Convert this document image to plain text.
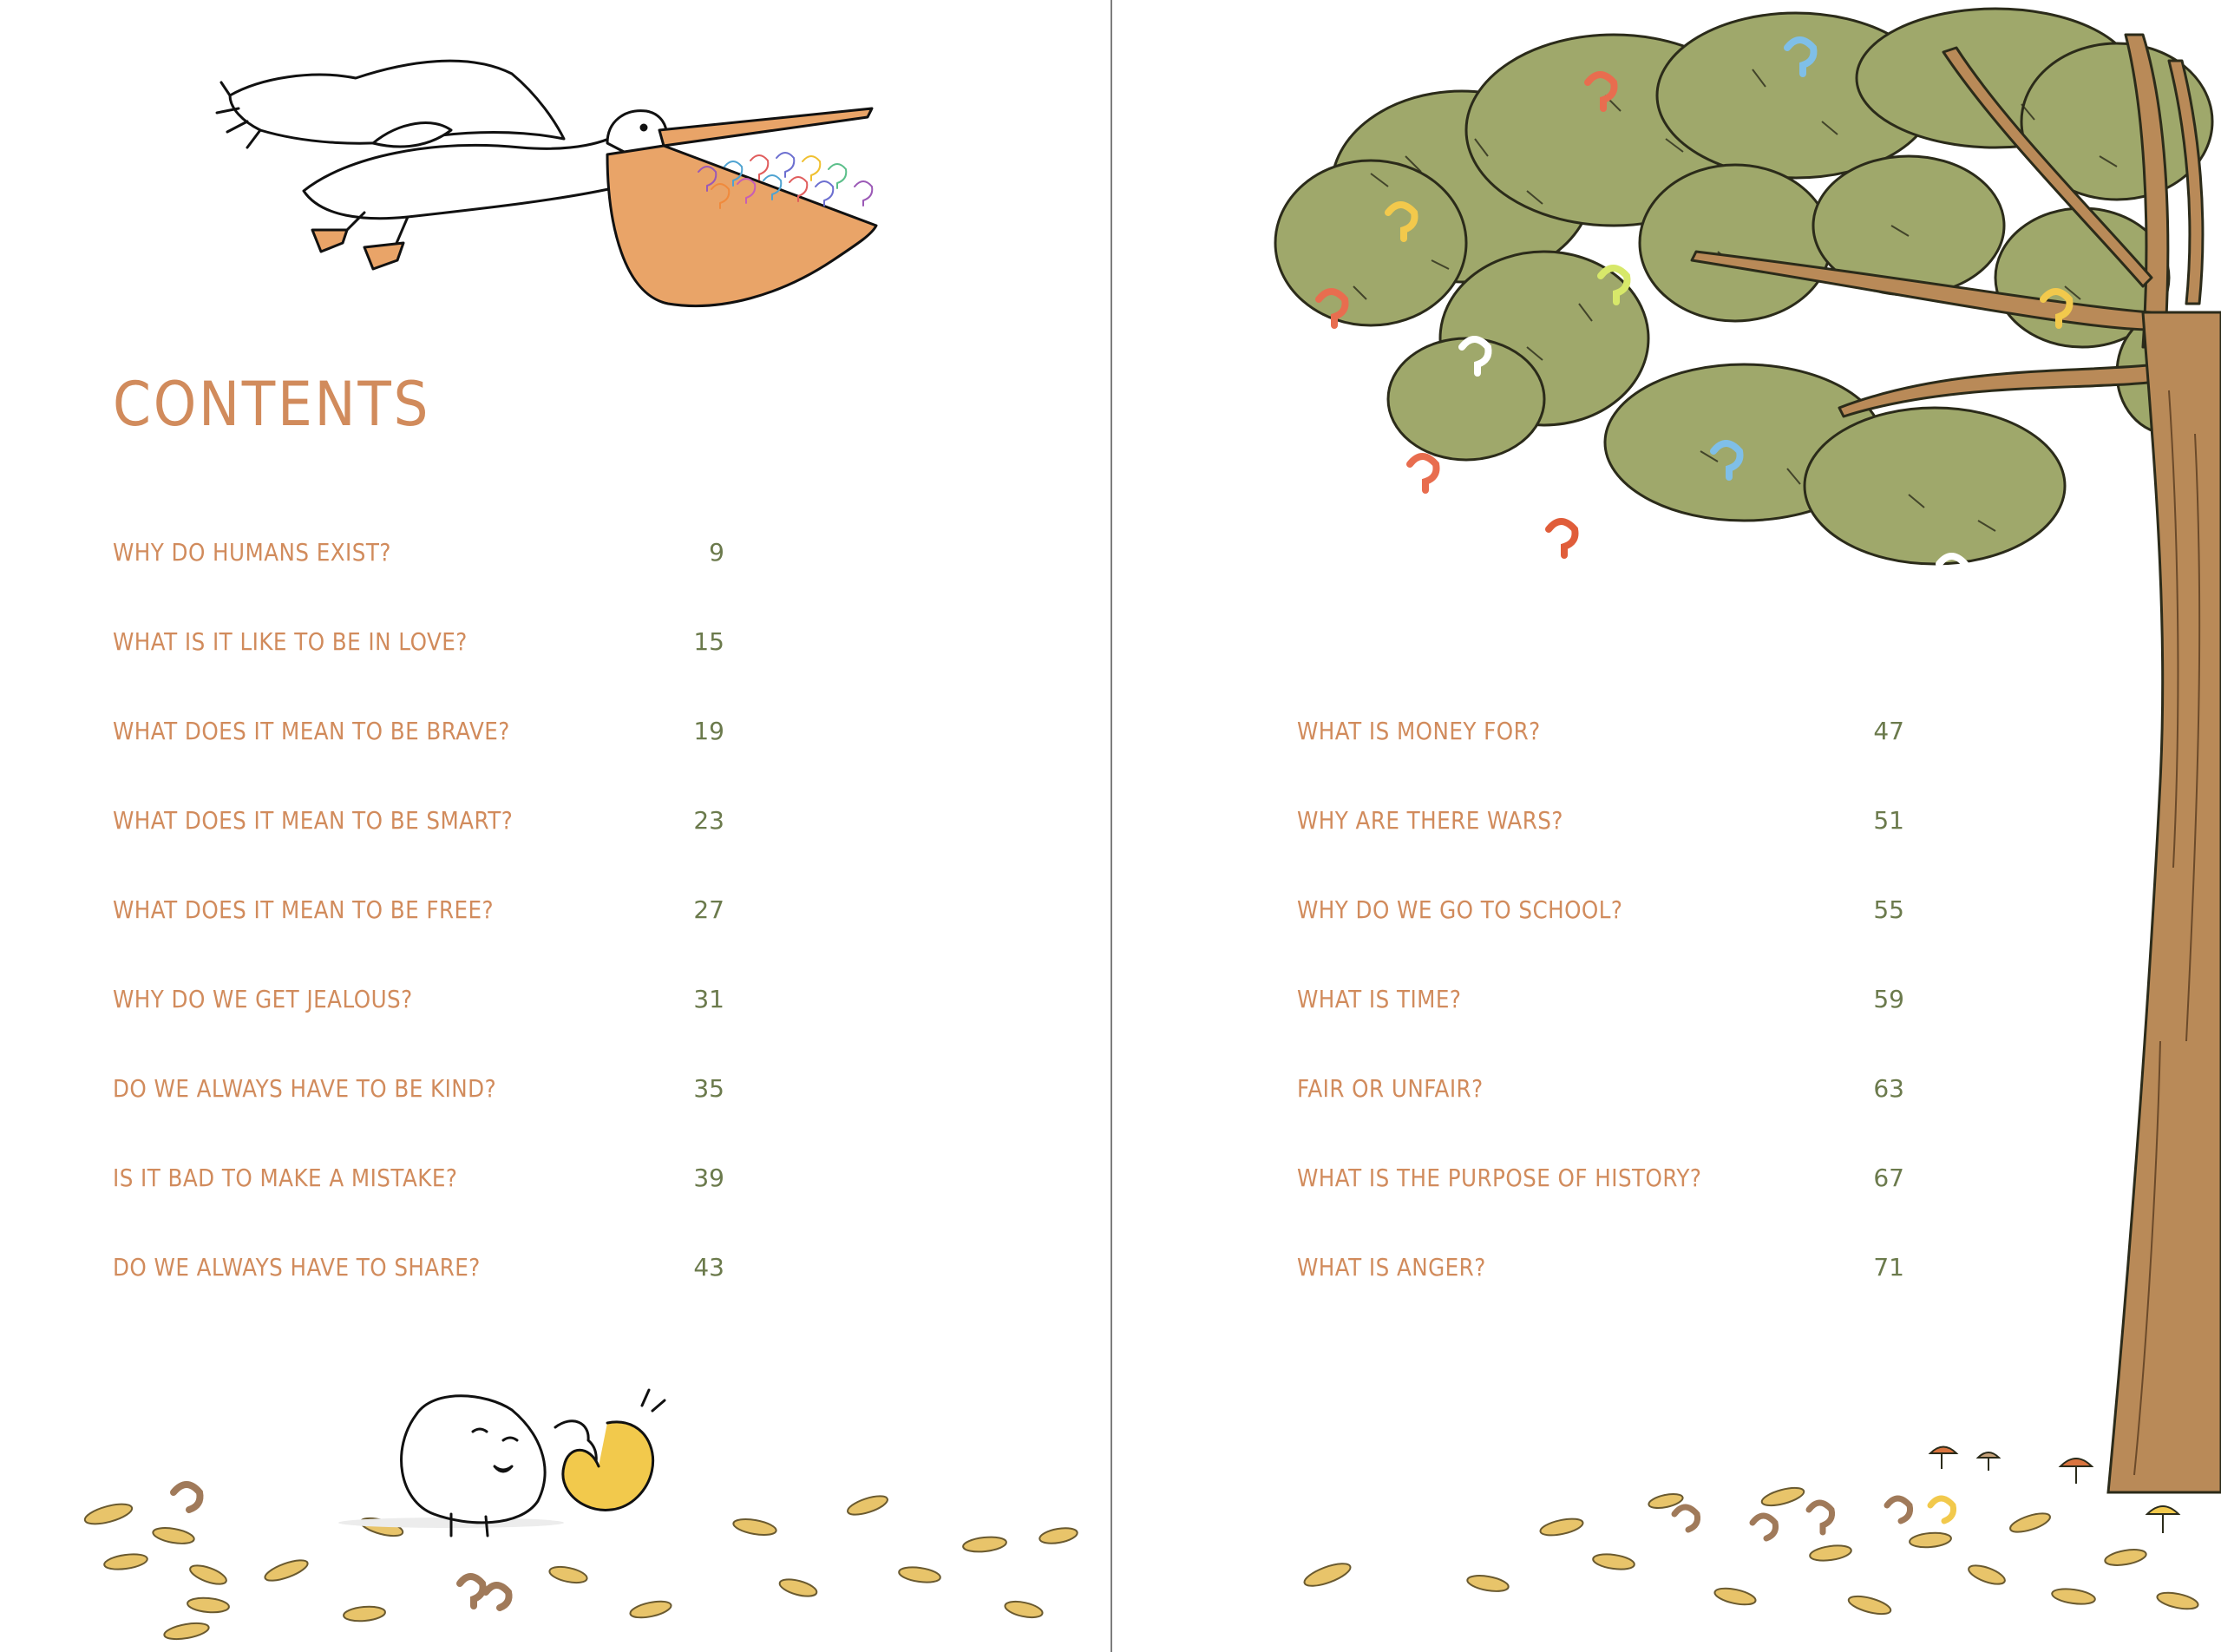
CONTENTS
WHY DO HUMANS EXIST?	9
WHAT IS IT LIKE TO BE IN LOVE?	15
WHAT DOES IT MEAN TO BE BRAVE?	19
WHAT DOES IT MEAN TO BE SMART?	23
WHAT DOES IT MEAN TO BE FREE?	27
WHY DO WE GET JEALOUS?	31
DO WE ALWAYS HAVE TO BE KIND?	35
IS IT BAD TO MAKE A MISTAKE?	39
DO WE ALWAYS HAVE TO SHARE?	43
WHAT IS MONEY FOR?	47
WHY ARE THERE WARS?	51
WHY DO WE GO TO SCHOOL?	55
WHAT IS TIME?	59
FAIR OR UNFAIR?	63
WHAT IS THE PURPOSE OF HISTORY?	67
WHAT IS ANGER?	71
